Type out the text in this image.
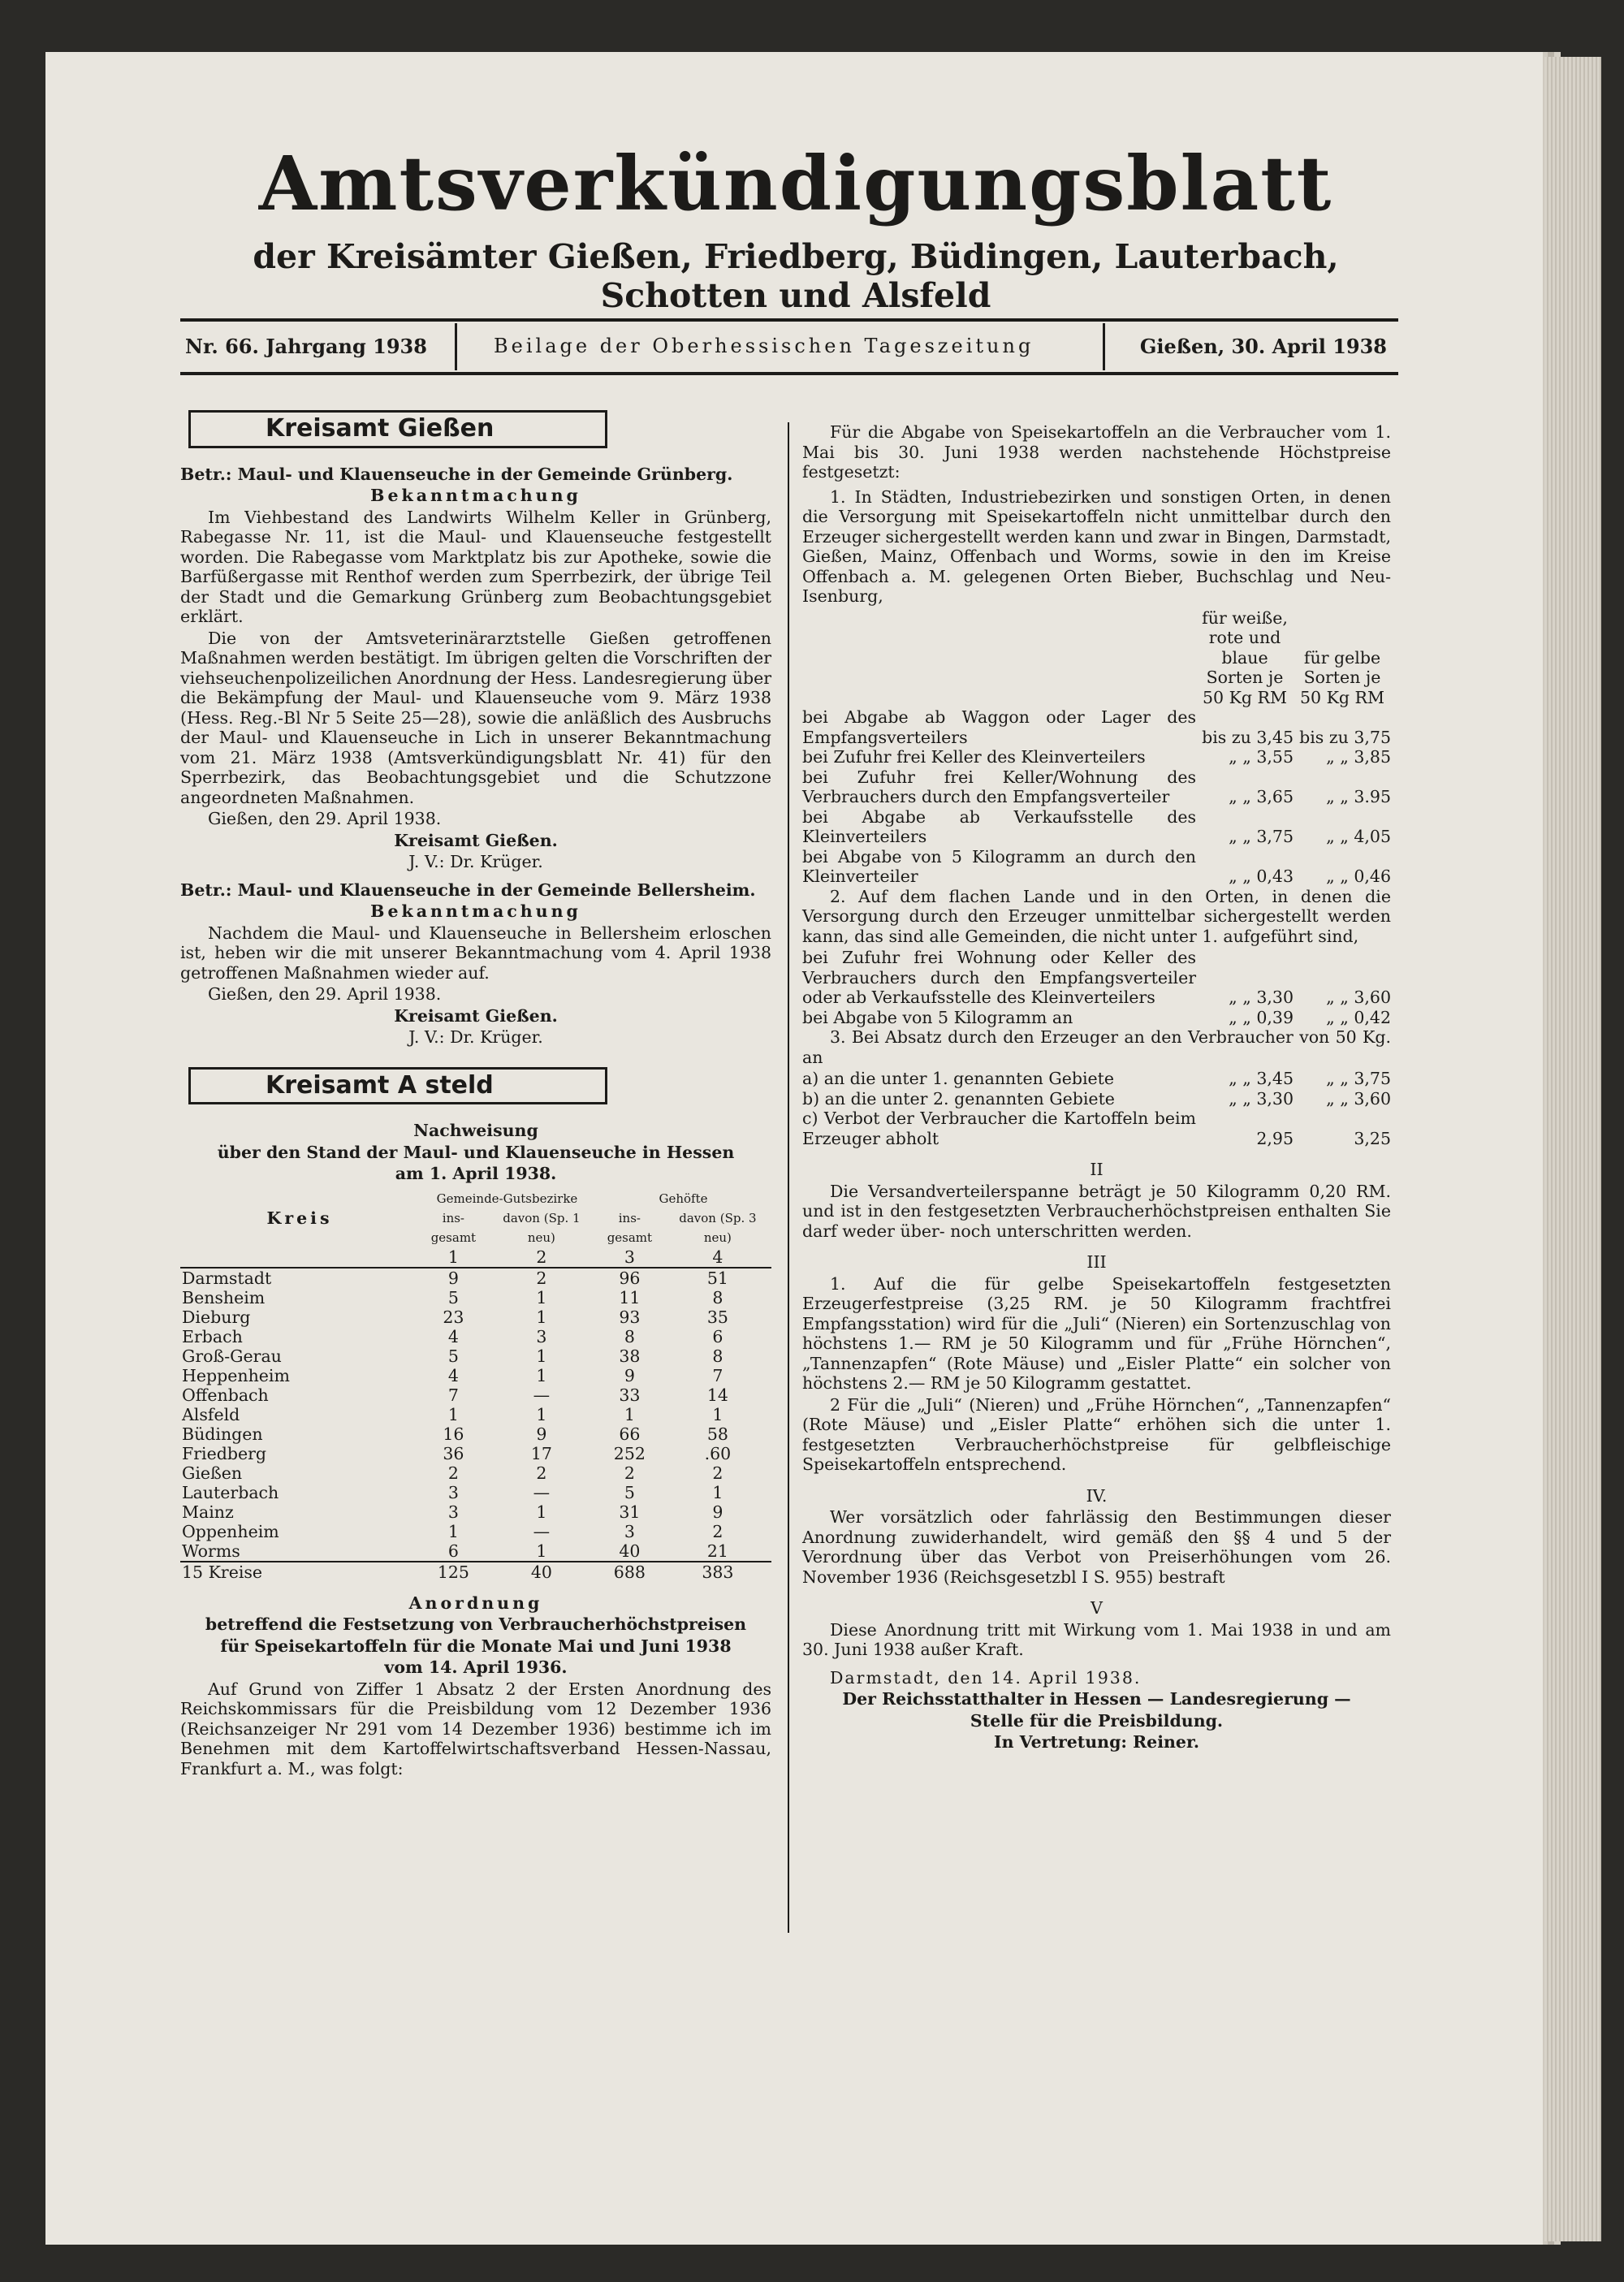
Amtsverkündigungsblatt
der Kreisämter Gießen, Friedberg, Büdingen, Lauterbach, Schotten und Alsfeld
Nr. 66. Jahrgang 1938	Beilage der Oberhessischen Tageszeitung	Gießen, 30. April 1938
Kreisamt Gießen

Betr.: Maul- und Klauenseuche in der Gemeinde Grünberg.

Bekanntmachung

Im Viehbestand des Landwirts Wilhelm Keller in Grünberg, Rabegasse Nr. 11, ist die Maul- und Klauenseuche festgestellt worden. Die Rabegasse vom Marktplatz bis zur Apotheke, sowie die Barfüßergasse mit Renthof werden zum Sperrbezirk, der übrige Teil der Stadt und die Gemarkung Grünberg zum Beobachtungsgebiet erklärt.

Die von der Amtsveterinärarztstelle Gießen getroffenen Maßnahmen werden bestätigt. Im übrigen gelten die Vorschriften der viehseuchenpolizeilichen Anordnung der Hess. Landesregierung über die Bekämpfung der Maul- und Klauenseuche vom 9. März 1938 (Hess. Reg.-Bl Nr 5 Seite 25—28), sowie die anläßlich des Ausbruchs der Maul- und Klauenseuche in Lich in unserer Bekanntmachung vom 21. März 1938 (Amtsverkündigungsblatt Nr. 41) für den Sperrbezirk, das Beobachtungsgebiet und die Schutzzone angeordneten Maßnahmen.

Gießen, den 29. April 1938.

Kreisamt Gießen.

J. V.: Dr. Krüger.

Betr.: Maul- und Klauenseuche in der Gemeinde Bellersheim.

Bekanntmachung

Nachdem die Maul- und Klauenseuche in Bellersheim erloschen ist, heben wir die mit unserer Bekanntmachung vom 4. April 1938 getroffenen Maßnahmen wieder auf.

Gießen, den 29. April 1938.

Kreisamt Gießen.

J. V.: Dr. Krüger.

Kreisamt A steld

Nachweisung

über den Stand der Maul- und Klauenseuche in Hessen

am 1. April 1938.

Kreis	Gemeinde-Gutsbezirke		Gehöfte	
	ins-gesamt	davon (Sp. 1 neu)	ins-gesamt	davon (Sp. 3 neu)
	1	2	3	4
Darmstadt	9	2	96	51
Bensheim	5	1	11	8
Dieburg	23	1	93	35
Erbach	4	3	8	6
Groß-Gerau	5	1	38	8
Heppenheim	4	1	9	7
Offenbach	7	—	33	14
Alsfeld	1	1	1	1
Büdingen	16	9	66	58
Friedberg	36	17	252	.60
Gießen	2	2	2	2
Lauterbach	3	—	5	1
Mainz	3	1	31	9
Oppenheim	1	—	3	2
Worms	6	1	40	21
15 Kreise	125	40	688	383

Anordnung

betreffend die Festsetzung von Verbraucherhöchstpreisen

für Speisekartoffeln für die Monate Mai und Juni 1938

vom 14. April 1936.

Auf Grund von Ziffer 1 Absatz 2 der Ersten Anordnung des Reichskommissars für die Preisbildung vom 12 Dezember 1936 (Reichsanzeiger Nr 291 vom 14 Dezember 1936) bestimme ich im Benehmen mit dem Kartoffelwirtschaftsverband Hessen-Nassau, Frankfurt a. M., was folgt:

Für die Abgabe von Speisekartoffeln an die Verbraucher vom 1. Mai bis 30. Juni 1938 werden nachstehende Höchstpreise festgesetzt:

1. In Städten, Industriebezirken und sonstigen Orten, in denen die Versorgung mit Speisekartoffeln nicht unmittelbar durch den Erzeuger sichergestellt werden kann und zwar in Bingen, Darmstadt, Gießen, Mainz, Offenbach und Worms, sowie in den im Kreise Offenbach a. M. gelegenen Orten Bieber, Buchschlag und Neu-Isenburg,

	für weiße, rote und blaue Sorten je 50 Kg RM	für gelbe Sorten je 50 Kg RM
bei Abgabe ab Waggon oder Lager des Empfangsverteilers	bis zu 3,45	bis zu 3,75
bei Zufuhr frei Keller des Kleinverteilers	„ „ 3,55	„ „ 3,85
bei Zufuhr frei Keller/Wohnung des Verbrauchers durch den Empfangsverteiler	„ „ 3,65	„ „ 3.95
bei Abgabe ab Verkaufsstelle des Kleinverteilers	„ „ 3,75	„ „ 4,05
bei Abgabe von 5 Kilogramm an durch den Kleinverteiler	„ „ 0,43	„ „ 0,46

2. Auf dem flachen Lande und in den Orten, in denen die Versorgung durch den Erzeuger unmittelbar sichergestellt werden kann, das sind alle Gemeinden, die nicht unter 1. aufgeführt sind,

bei Zufuhr frei Wohnung oder Keller des Verbrauchers durch den Empfangsverteiler oder ab Verkaufsstelle des Kleinverteilers	„ „ 3,30	„ „ 3,60
bei Abgabe von 5 Kilogramm an	„ „ 0,39	„ „ 0,42

3. Bei Absatz durch den Erzeuger an den Verbraucher von 50 Kg. an

a) an die unter 1. genannten Gebiete	„ „ 3,45	„ „ 3,75
b) an die unter 2. genannten Gebiete	„ „ 3,30	„ „ 3,60
c) Verbot der Verbraucher die Kartoffeln beim Erzeuger abholt	2,95	3,25

II

Die Versandverteilerspanne beträgt je 50 Kilogramm 0,20 RM. und ist in den festgesetzten Verbraucherhöchstpreisen enthalten Sie darf weder über- noch unterschritten werden.

III

1. Auf die für gelbe Speisekartoffeln festgesetzten Erzeugerfestpreise (3,25 RM. je 50 Kilogramm frachtfrei Empfangsstation) wird für die „Juli“ (Nieren) ein Sortenzuschlag von höchstens 1.— RM je 50 Kilogramm und für „Frühe Hörnchen“, „Tannenzapfen“ (Rote Mäuse) und „Eisler Platte“ ein solcher von höchstens 2.— RM je 50 Kilogramm gestattet.

2 Für die „Juli“ (Nieren) und „Frühe Hörnchen“, „Tannenzapfen“ (Rote Mäuse) und „Eisler Platte“ erhöhen sich die unter 1. festgesetzten Verbraucherhöchstpreise für gelbfleischige Speisekartoffeln entsprechend.

IV.

Wer vorsätzlich oder fahrlässig den Bestimmungen dieser Anordnung zuwiderhandelt, wird gemäß den §§ 4 und 5 der Verordnung über das Verbot von Preiserhöhungen vom 26. November 1936 (Reichsgesetzbl I S. 955) bestraft

V

Diese Anordnung tritt mit Wirkung vom 1. Mai 1938 in und am 30. Juni 1938 außer Kraft.

Darmstadt, den 14. April 1938.

Der Reichsstatthalter in Hessen — Landesregierung —

Stelle für die Preisbildung.

In Vertretung: Reiner.
